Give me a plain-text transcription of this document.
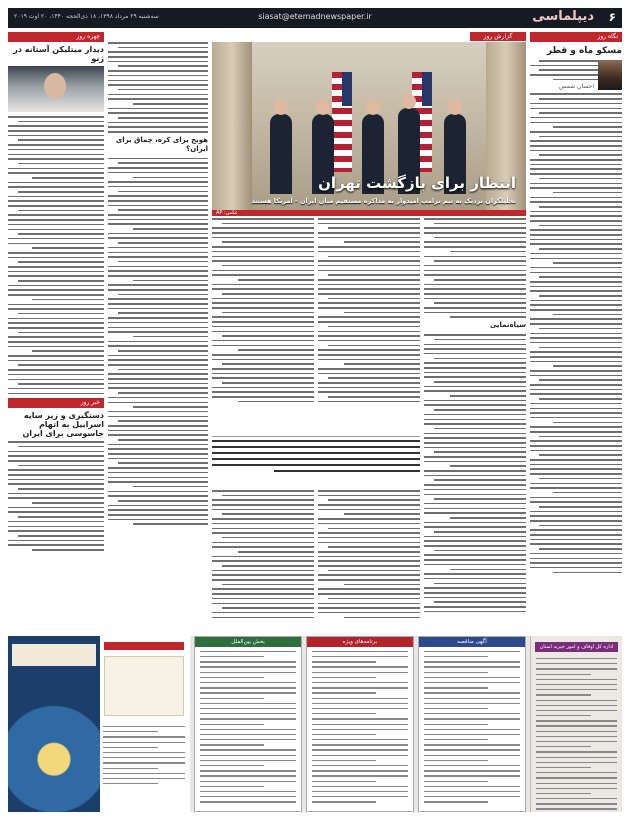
۶
دیپلماسی
siasat@etemadnewspaper.ir
سه‌شنبه ۲۹ مرداد ۱۳۹۸، ۱۸ ذی‌الحجه ۱۴۴۰، ۲۰ اوت ۲۰۱۹
نگاه روز
مسکو ماه و قطر
احسان شمس
گزارش روز
انتظار برای بازگشت تهران
تحلیلگران نزدیک به تیم ترامپ امیدوار به مذاکره مستقیم میان ایران - آمریکا هستند
عکس: AP
سیاه‌نمایی
هویج برای کره، چماق برای ایران؟
چهره روز
دیدار میتلیکن آستانه در ژنو
خبر روز
دستگیری و زیر سایه اسراییل به اتهام جاسوسی برای ایران
اداره کل اوقاف و امور خیریه استان
آگهی مناقصه
برنامه‌های ویژه
بخش بین‌الملل
